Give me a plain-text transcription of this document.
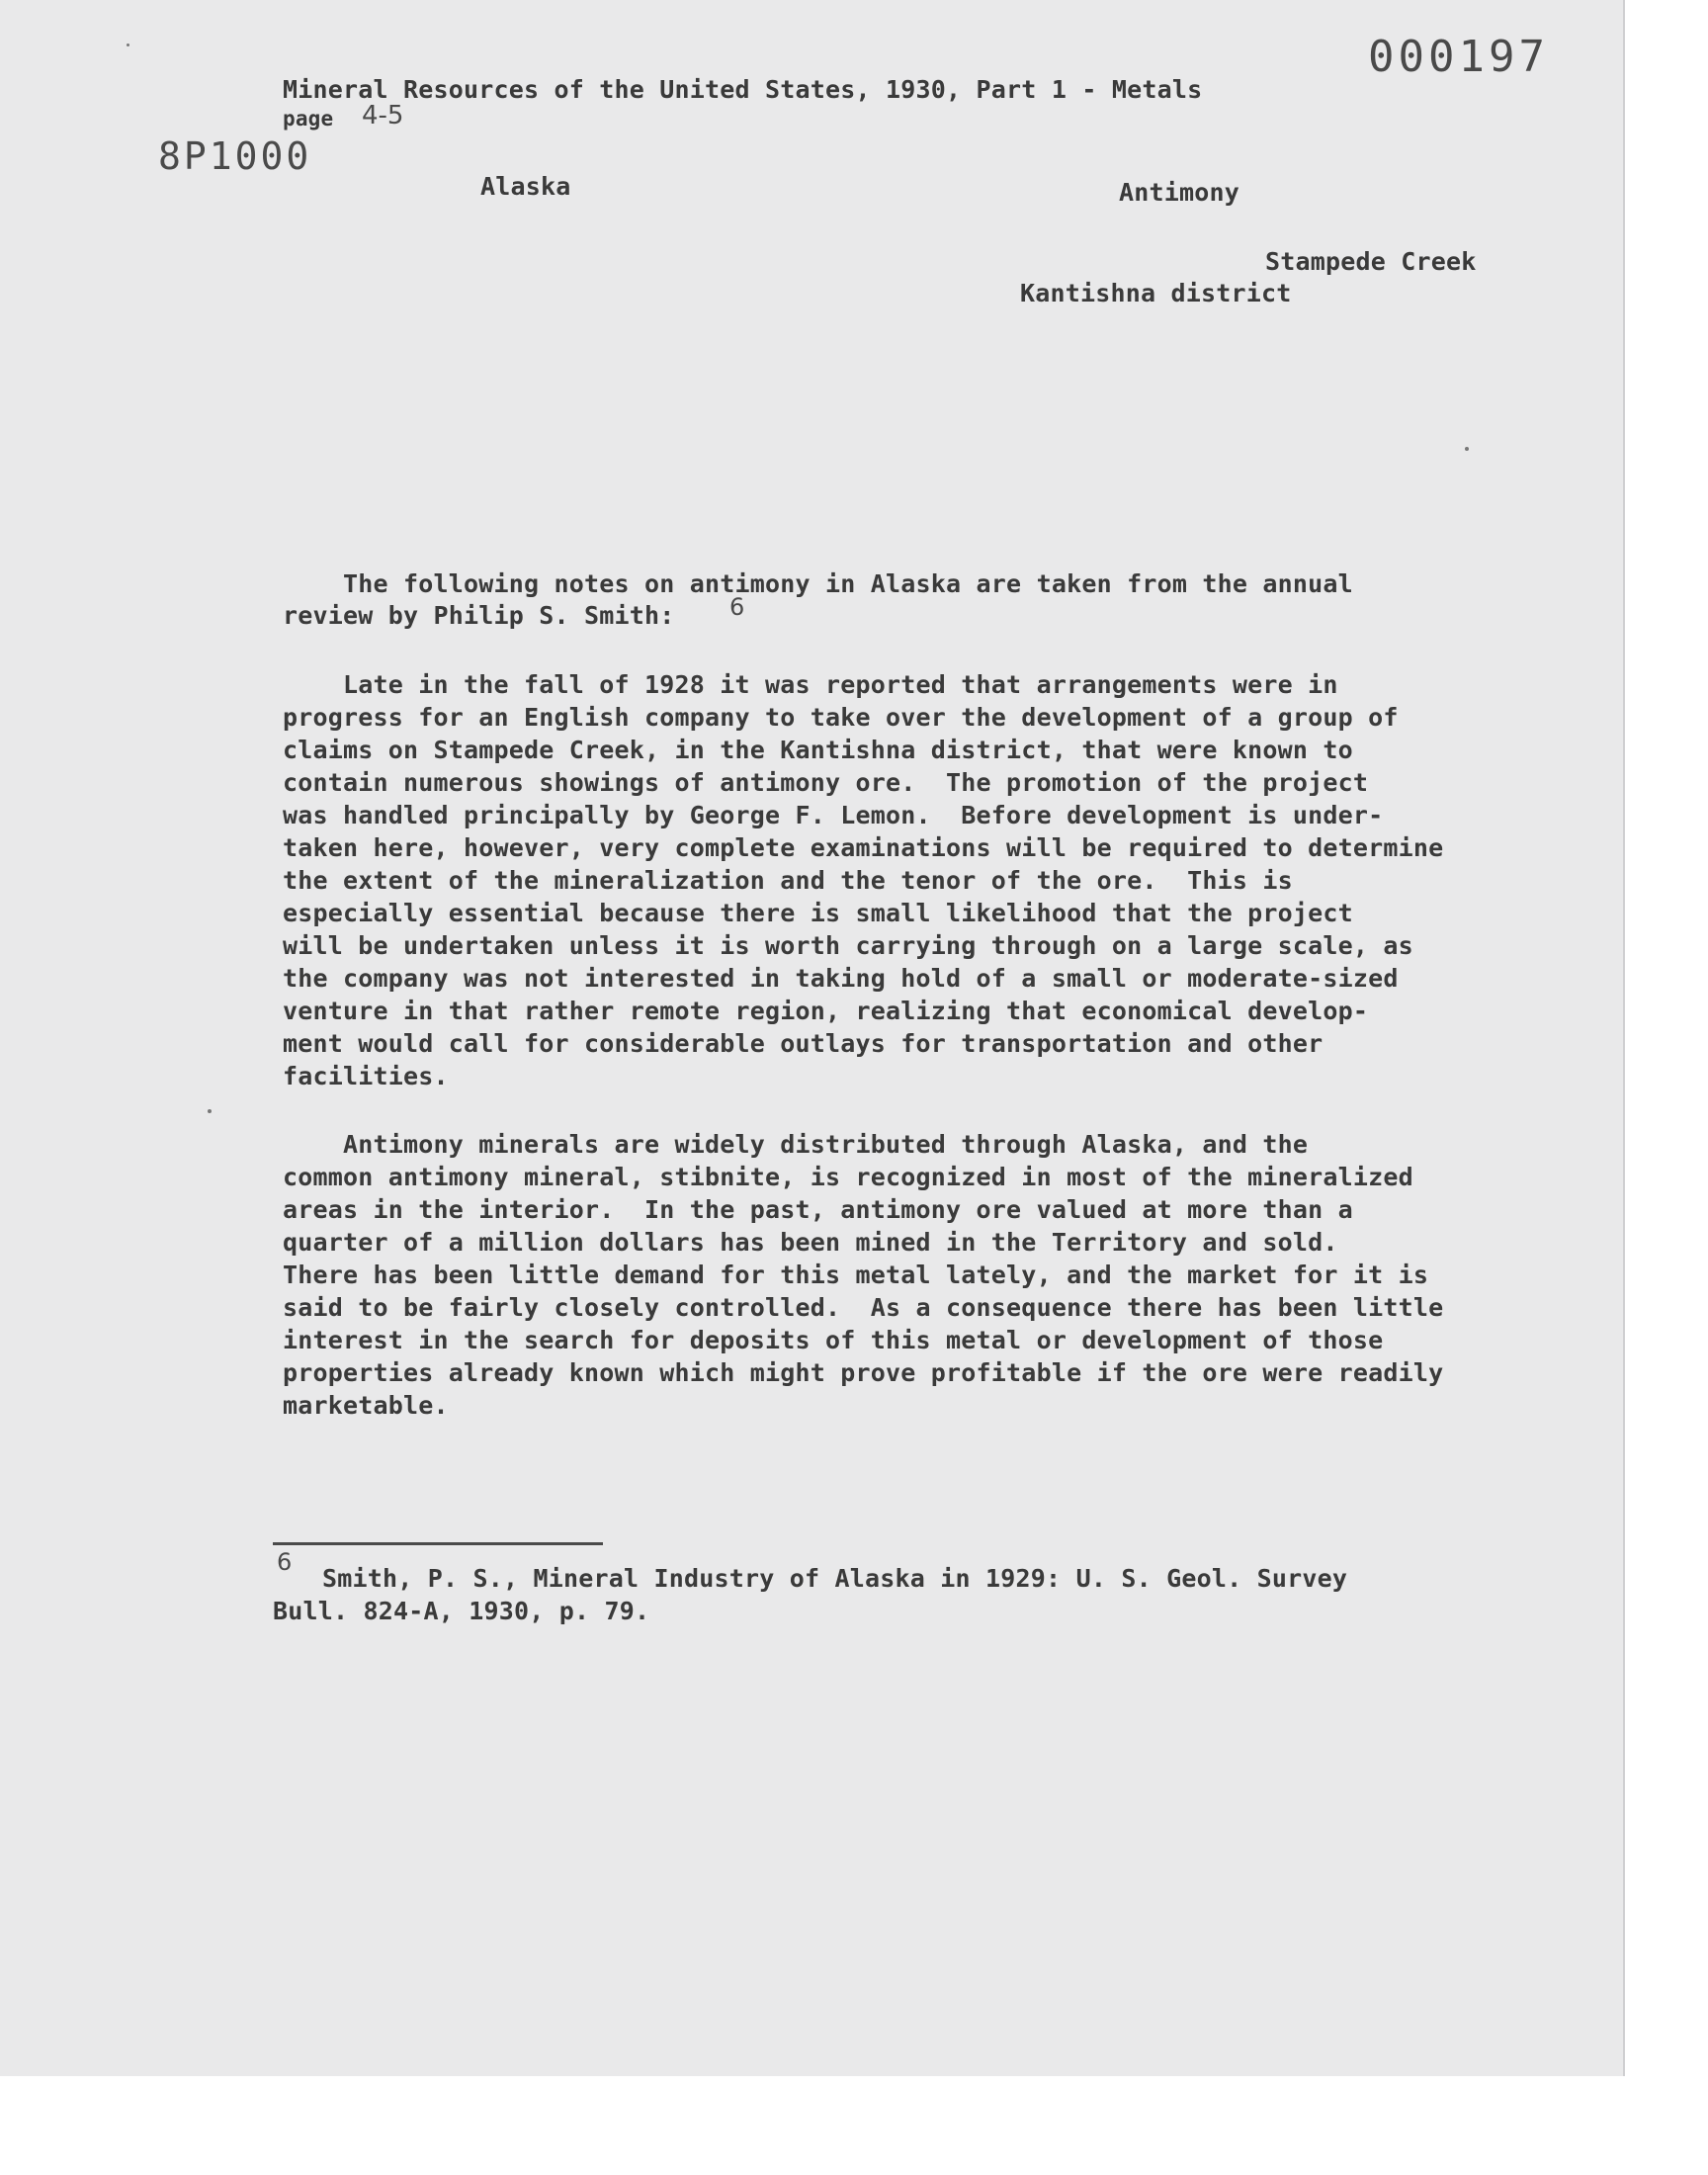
000197
8P1000
Mineral Resources of the United States, 1930, Part 1 - Metals
page 4-5
Alaska	Antimony
Stampede Creek
Kantishna district
The following notes on antimony in Alaska are taken from the annual
review by Philip S. Smith: 6
Late in the fall of 1928 it was reported that arrangements were in
progress for an English company to take over the development of a group of
claims on Stampede Creek, in the Kantishna district, that were known to
contain numerous showings of antimony ore.  The promotion of the project
was handled principally by George F. Lemon.  Before development is under-
taken here, however, very complete examinations will be required to determine
the extent of the mineralization and the tenor of the ore.  This is
especially essential because there is small likelihood that the project
will be undertaken unless it is worth carrying through on a large scale, as
the company was not interested in taking hold of a small or moderate-sized
venture in that rather remote region, realizing that economical develop-
ment would call for considerable outlays for transportation and other
facilities.
Antimony minerals are widely distributed through Alaska, and the
common antimony mineral, stibnite, is recognized in most of the mineralized
areas in the interior.  In the past, antimony ore valued at more than a
quarter of a million dollars has been mined in the Territory and sold.
There has been little demand for this metal lately, and the market for it is
said to be fairly closely controlled.  As a consequence there has been little
interest in the search for deposits of this metal or development of those
properties already known which might prove profitable if the ore were readily
marketable.
6
Smith, P. S., Mineral Industry of Alaska in 1929: U. S. Geol. Survey
Bull. 824-A, 1930, p. 79.
